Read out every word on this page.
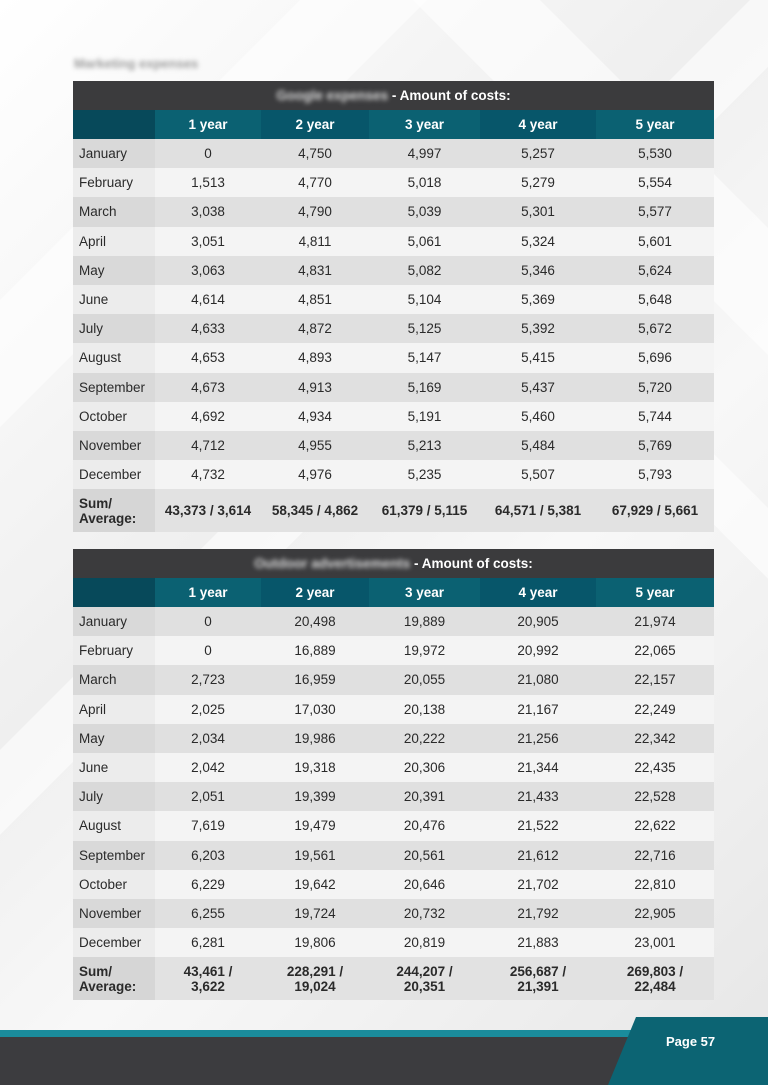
Marketing expenses
Google expenses - Amount of costs:					
	1 year	2 year	3 year	4 year	5 year
January	0	4,750	4,997	5,257	5,530
February	1,513	4,770	5,018	5,279	5,554
March	3,038	4,790	5,039	5,301	5,577
April	3,051	4,811	5,061	5,324	5,601
May	3,063	4,831	5,082	5,346	5,624
June	4,614	4,851	5,104	5,369	5,648
July	4,633	4,872	5,125	5,392	5,672
August	4,653	4,893	5,147	5,415	5,696
September	4,673	4,913	5,169	5,437	5,720
October	4,692	4,934	5,191	5,460	5,744
November	4,712	4,955	5,213	5,484	5,769
December	4,732	4,976	5,235	5,507	5,793

Sum/ Average:	43,373 / 3,614	58,345 / 4,862	61,379 / 5,115	64,571 / 5,381	67,929 / 5,661
Outdoor advertisements - Amount of costs:					
	1 year	2 year	3 year	4 year	5 year
January	0	20,498	19,889	20,905	21,974
February	0	16,889	19,972	20,992	22,065
March	2,723	16,959	20,055	21,080	22,157
April	2,025	17,030	20,138	21,167	22,249
May	2,034	19,986	20,222	21,256	22,342
June	2,042	19,318	20,306	21,344	22,435
July	2,051	19,399	20,391	21,433	22,528
August	7,619	19,479	20,476	21,522	22,622
September	6,203	19,561	20,561	21,612	22,716
October	6,229	19,642	20,646	21,702	22,810
November	6,255	19,724	20,732	21,792	22,905
December	6,281	19,806	20,819	21,883	23,001

Sum/ Average:	43,461 / 3,622	228,291 / 19,024	244,207 / 20,351	256,687 / 21,391	269,803 / 22,484
Page 57
